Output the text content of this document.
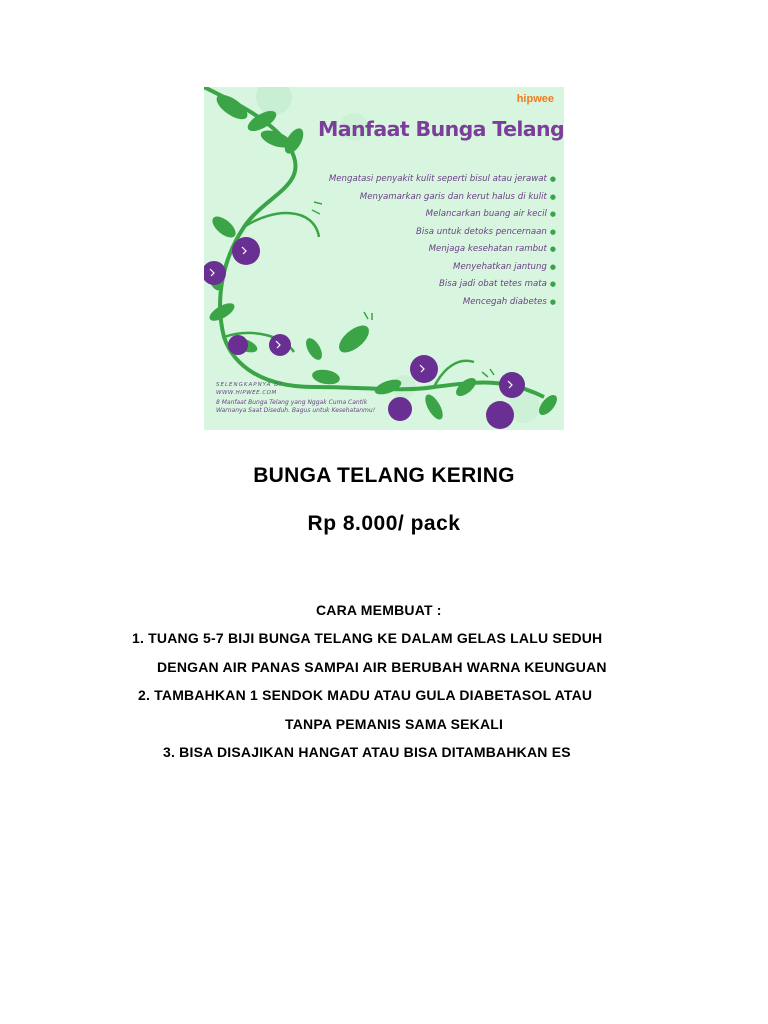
hipwee
Manfaat Bunga Telang
Mengatasi penyakit kulit seperti bisul atau jerawat ●
Menyamarkan garis dan kerut halus di kulit ●
Melancarkan buang air kecil ●
Bisa untuk detoks pencernaan ●
Menjaga kesehatan rambut ●
Menyehatkan jantung ●
Bisa jadi obat tetes mata ●
Mencegah diabetes ●
SELENGKAPNYA DI
WWW.HIPWEE.COM
8 Manfaat Bunga Telang yang Nggak Cuma Cantik Warnanya Saat Diseduh. Bagus untuk Kesehatanmu!
BUNGA TELANG KERING
Rp 8.000/ pack
CARA MEMBUAT :
1. TUANG 5-7 BIJI BUNGA TELANG KE DALAM GELAS LALU SEDUH
DENGAN AIR PANAS SAMPAI AIR BERUBAH WARNA KEUNGUAN
2. TAMBAHKAN 1 SENDOK MADU ATAU GULA DIABETASOL ATAU
TANPA PEMANIS SAMA SEKALI
3. BISA DISAJIKAN HANGAT ATAU BISA DITAMBAHKAN ES
